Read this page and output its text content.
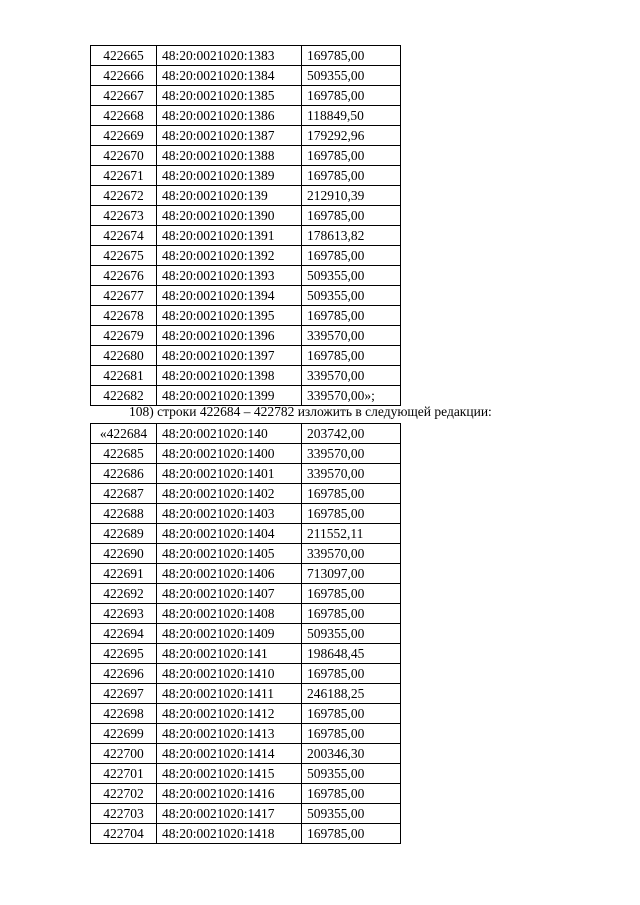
422665	48:20:0021020:1383	169785,00
422666	48:20:0021020:1384	509355,00
422667	48:20:0021020:1385	169785,00
422668	48:20:0021020:1386	118849,50
422669	48:20:0021020:1387	179292,96
422670	48:20:0021020:1388	169785,00
422671	48:20:0021020:1389	169785,00
422672	48:20:0021020:139	212910,39
422673	48:20:0021020:1390	169785,00
422674	48:20:0021020:1391	178613,82
422675	48:20:0021020:1392	169785,00
422676	48:20:0021020:1393	509355,00
422677	48:20:0021020:1394	509355,00
422678	48:20:0021020:1395	169785,00
422679	48:20:0021020:1396	339570,00
422680	48:20:0021020:1397	169785,00
422681	48:20:0021020:1398	339570,00
422682	48:20:0021020:1399	339570,00»;
108) строки 422684 – 422782 изложить в следующей редакции:
«422684	48:20:0021020:140	203742,00
422685	48:20:0021020:1400	339570,00
422686	48:20:0021020:1401	339570,00
422687	48:20:0021020:1402	169785,00
422688	48:20:0021020:1403	169785,00
422689	48:20:0021020:1404	211552,11
422690	48:20:0021020:1405	339570,00
422691	48:20:0021020:1406	713097,00
422692	48:20:0021020:1407	169785,00
422693	48:20:0021020:1408	169785,00
422694	48:20:0021020:1409	509355,00
422695	48:20:0021020:141	198648,45
422696	48:20:0021020:1410	169785,00
422697	48:20:0021020:1411	246188,25
422698	48:20:0021020:1412	169785,00
422699	48:20:0021020:1413	169785,00
422700	48:20:0021020:1414	200346,30
422701	48:20:0021020:1415	509355,00
422702	48:20:0021020:1416	169785,00
422703	48:20:0021020:1417	509355,00
422704	48:20:0021020:1418	169785,00
